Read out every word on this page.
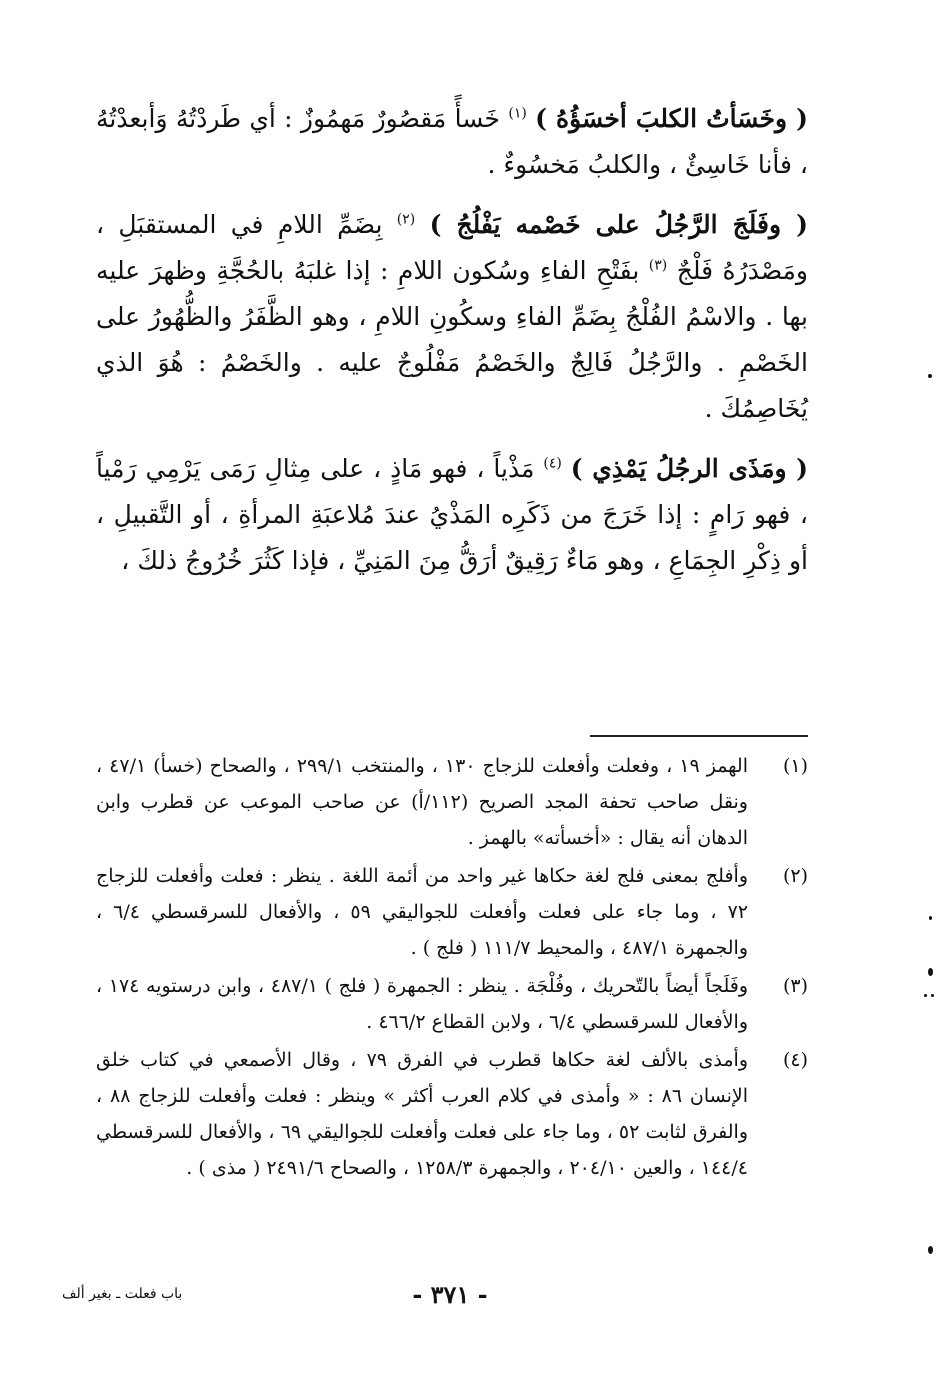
( وخَسَأتُ الكلبَ أخسَؤُهُ ) $^{(١)}$ خَسأً مَقصُورٌ مَهمُوزٌ : أي طَردْتُهُ وَأبعدْتُهُ ، فأنا خَاسِئٌ ، والكلبُ مَخسُوءٌ .

( وفَلَجَ الرَّجُلُ على خَصْمه يَفْلُجُ ) $^{(٢)}$ بِضَمِّ اللامِ في المستقبَلِ ، ومَصْدَرُهُ فَلْجٌ $^{(٣)}$ بفَتْحِ الفاءِ وسُكون اللامِ : إذا غلبَهُ بالحُجَّةِ وظهرَ عليه بها . والاسْمُ الفُلْجُ بِضَمِّ الفاءِ وسكُونِ اللامِ ، وهو الظَّفَرُ والظُّهُورُ على الخَصْمِ . والرَّجُلُ فَالِجٌ والخَصْمُ مَفْلُوجٌ عليه . والخَصْمُ : هُوَ الذي يُخَاصِمُكَ .

( ومَذَى الرجُلُ يَمْذِي ) $^{(٤)}$ مَذْياً ، فهو مَاذٍ ، على مِثالِ رَمَى يَرْمِي رَمْياً ، فهو رَامٍ : إذا خَرَجَ من ذَكَرِه المَذْيُ عندَ مُلاعبَةِ المرأةِ ، أو التَّقبيلِ ، أو ذِكْرِ الجِمَاعِ ، وهو مَاءٌ رَقِيقٌ أرَقُّ مِنَ المَنِيِّ ، فإذا كَثُرَ خُرُوجُ ذلكَ ،

(١)
الهمز ١٩ ، وفعلت وأفعلت للزجاج ١٣٠ ، والمنتخب ٢٩٩/١ ، والصحاح (خسأ) ٤٧/١ ، ونقل صاحب تحفة المجد الصريح (١١٢/أ) عن صاحب الموعب عن قطرب وابن الدهان أنه يقال : «أخسأته» بالهمز .
(٢)
وأفلج بمعنى فلج لغة حكاها غير واحد من أئمة اللغة . ينظر : فعلت وأفعلت للزجاج ٧٢ ، وما جاء على فعلت وأفعلت للجواليقي ٥٩ ، والأفعال للسرقسطي ٦/٤ ، والجمهرة ٤٨٧/١ ، والمحيط ١١١/٧ ( فلج ) .
(٣)
وفَلَجاً أيضاً بالتّحريك ، وفُلْجَة . ينظر : الجمهرة ( فلج ) ٤٨٧/١ ، وابن درستويه ١٧٤ ، والأفعال للسرقسطي ٦/٤ ، ولابن القطاع ٤٦٦/٢ .
(٤)
وأمذى بالألف لغة حكاها قطرب في الفرق ٧٩ ، وقال الأصمعي في كتاب خلق الإنسان ٨٦ : « وأمذى في كلام العرب أكثر » وينظر : فعلت وأفعلت للزجاج ٨٨ ، والفرق لثابت ٥٢ ، وما جاء على فعلت وأفعلت للجواليقي ٦٩ ، والأفعال للسرقسطي ١٤٤/٤ ، والعين ٢٠٤/١٠ ، والجمهرة ١٢٥٨/٣ ، والصحاح ٢٤٩١/٦ ( مذى ) .
- ٣٧١ -
باب فعلت ـ بغير ألف
